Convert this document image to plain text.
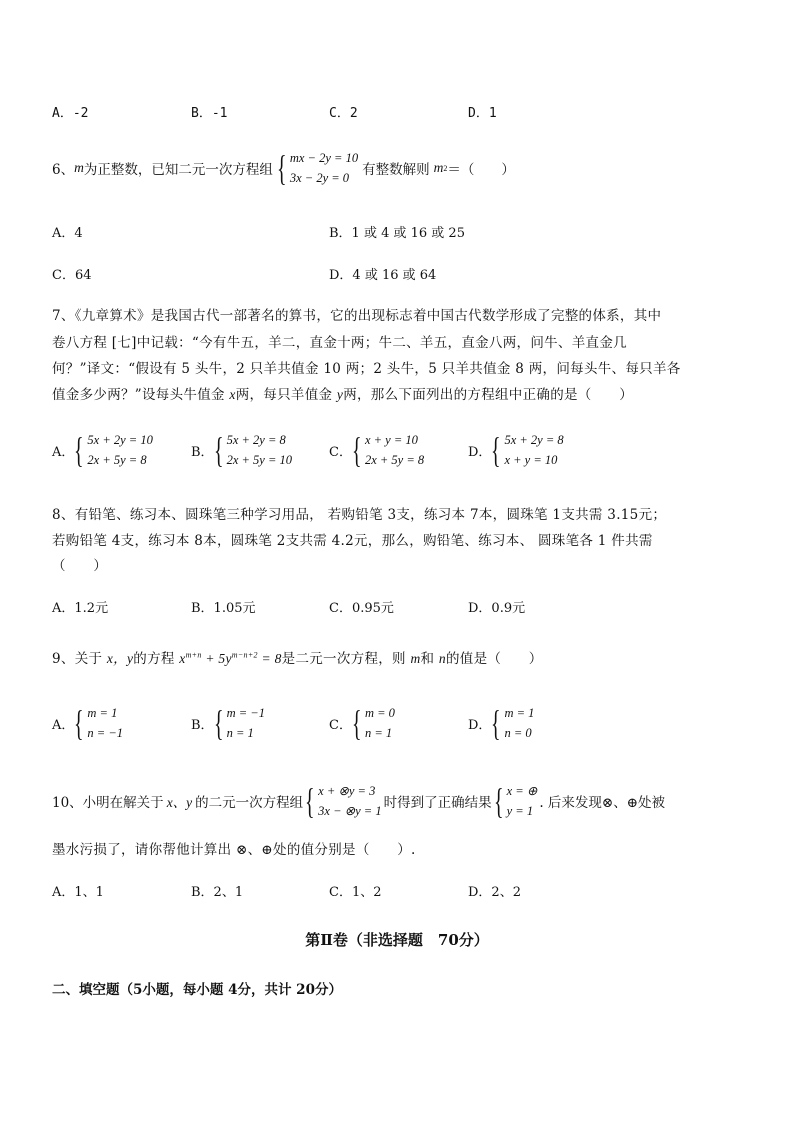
A．-2	B．-1	C．2	D．1
6、 m 为正整数，已知二元一次方程组 { mx − 2y = 10
3x − 2y = 0 有整数解则 m 2 ＝（　　）
A．4	B．1 或 4 或 16 或 25
C．64	D．4 或 16 或 64
7、《九章算术》是我国古代一部著名的算书，它的出现标志着中国古代数学形成了完整的体系，其中
卷八方程 [七]中记载：“今有牛五，羊二，直金十两；牛二、羊五，直金八两，问牛、羊直金几
何？”译文：“假设有 5 头牛，2 只羊共值金 10 两；2 头牛，5 只羊共值金 8 两，问每头牛、每只羊各
值金多少两？”设每头牛值金 x两，每只羊值金 y两，那么下面列出的方程组中正确的是（　　）
A． { 5x + 2y = 10
2x + 5y = 8
B． { 5x + 2y = 8
2x + 5y = 10
C． { x + y = 10
2x + 5y = 8
D． { 5x + 2y = 8
x + y = 10
8、有铅笔、练习本、圆珠笔三种学习用品， 若购铅笔 3支，练习本 7本，圆珠笔 1支共需 3.15元；
若购铅笔 4支，练习本 8本，圆珠笔 2支共需 4.2元，那么，购铅笔、练习本、 圆珠笔各 1 件共需
（　　）
A．1.2元	B．1.05元	C．0.95元	D．0.9元
9、关于 x，y的方程 $x^{m+n} + 5y^{m-n+2} = 8$是二元一次方程，则 m和 n的值是（　　）
A． { m = 1
n = −1
B． { m = −1
n = 1
C． { m = 0
n = 1
D． { m = 1
n = 0
10、小明在解关于 x、y 的二元一次方程组 { x + ⊗y = 3
3x − ⊗y = 1 时得到了正确结果 { x = ⊕
y = 1 . 后来发现⊗、⊕处被
墨水污损了，请你帮他计算出 ⊗、⊕处的值分别是（　　）.
A．1、1	B．2、1	C．1、2	D．2、2
第Ⅱ卷（非选择题　70分）
二、填空题（5小题，每小题 4分，共计 20分）
